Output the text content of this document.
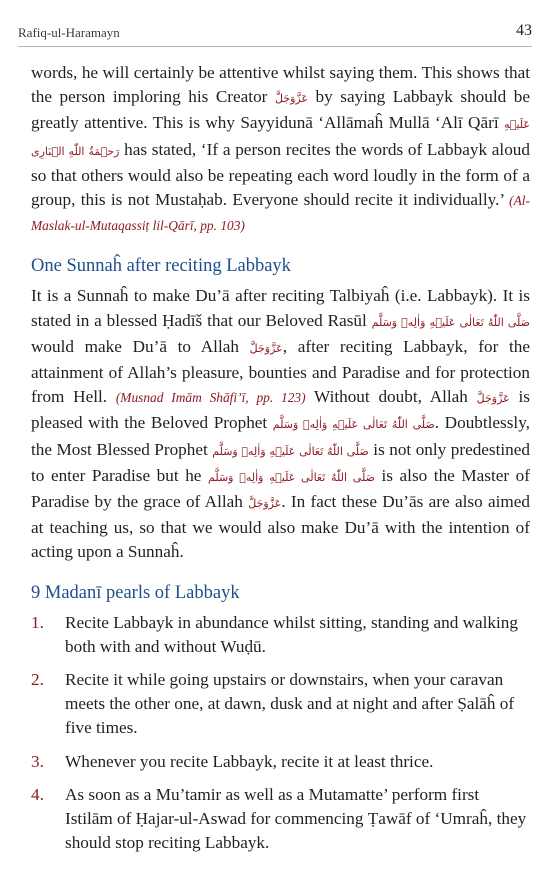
Rafiq-ul-Haramayn	43

words, he will certainly be attentive whilst saying them. This shows that the person imploring his Creator عَزَّوَجَلَّ by saying Labbayk should be greatly attentive. This is why Sayyidunā ‘Allāmaĥ Mullā ‘Alī Qārī عَلَيۡهِ رَحۡمَةُ اللّٰهِ الۡبَارِى has stated, ‘If a person recites the words of Labbayk aloud so that others would also be repeating each word loudly in the form of a group, this is not Mustaḥab. Everyone should recite it individually.’ (Al-Maslak-ul-Mutaqassiṭ lil-Qārī, pp. 103)

One Sunnaĥ after reciting Labbayk

It is a Sunnaĥ to make Du’ā after reciting Talbiyaĥ (i.e. Labbayk). It is stated in a blessed Ḥadīš that our Beloved Rasūl صَلَّى اللّٰهُ تَعَالٰى عَلَيۡهِ وَاٰلِهٖ وَسَلَّم would make Du’ā to Allah عَزَّوَجَلَّ, after reciting Labbayk, for the attainment of Allah’s pleasure, bounties and Paradise and for protection from Hell. (Musnad Imām Shāfi’ī, pp. 123) Without doubt, Allah عَزَّوَجَلَّ is pleased with the Beloved Prophet صَلَّى اللّٰهُ تَعَالٰى عَلَيۡهِ وَاٰلِهٖ وَسَلَّم. Doubtlessly, the Most Blessed Prophet صَلَّى اللّٰهُ تَعَالٰى عَلَيۡهِ وَاٰلِهٖ وَسَلَّم is not only predestined to enter Paradise but he صَلَّى اللّٰهُ تَعَالٰى عَلَيۡهِ وَاٰلِهٖ وَسَلَّم is also the Master of Paradise by the grace of Allah عَزَّوَجَلَّ. In fact these Du’ās are also aimed at teaching us, so that we would also make Du’ā with the intention of acting upon a Sunnaĥ.

9 Madanī pearls of Labbayk
1. Recite Labbayk in abundance whilst sitting, standing and walking both with and without Wuḍū.
2. Recite it while going upstairs or downstairs, when your caravan meets the other one, at dawn, dusk and at night and after Ṣalāĥ of five times.
3. Whenever you recite Labbayk, recite it at least thrice.
4. As soon as a Mu’tamir as well as a Mutamatte’ perform first Istilām of Ḥajar-ul-Aswad for commencing Ṭawāf of ‘Umraĥ, they should stop reciting Labbayk.
